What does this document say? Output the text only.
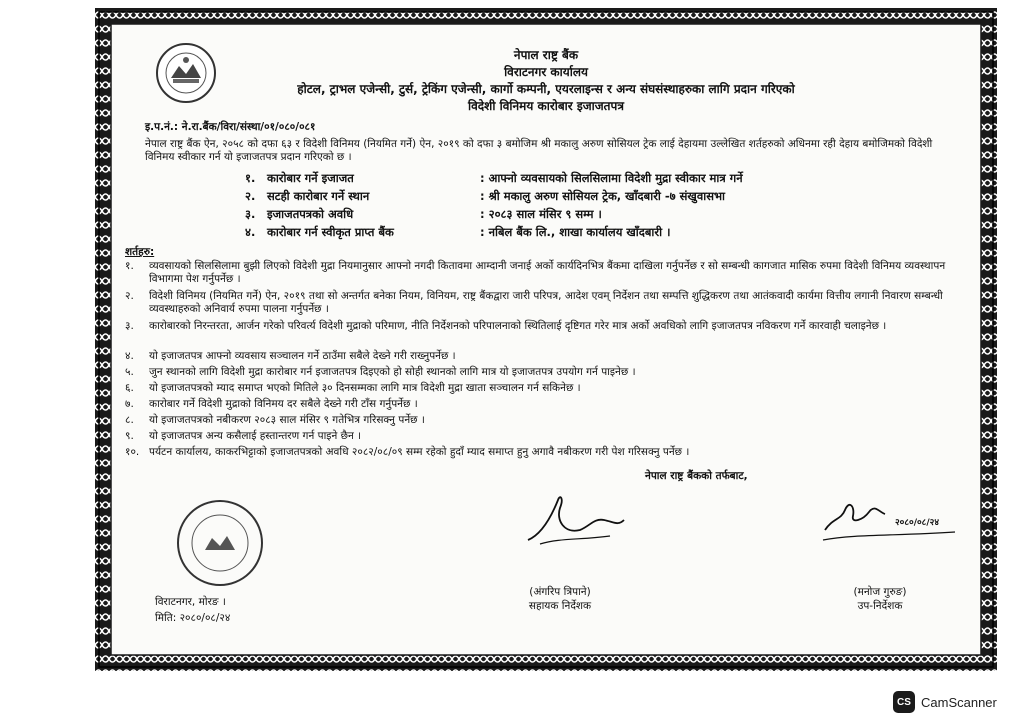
नेपाल राष्ट्र बैंक
विराटनगर कार्यालय
होटल, ट्राभल एजेन्सी, टुर्स, ट्रेकिंग एजेन्सी, कार्गो कम्पनी, एयरलाइन्स र अन्य संघसंस्थाहरुका लागि प्रदान गरिएको
विदेशी विनिमय कारोबार इजाजतपत्र
इ.प.नं.: ने.रा.बैंक/विरा/संस्था/०१/०८०/०८१
नेपाल राष्ट्र बैंक ऐन, २०५८ को दफा ६३ र विदेशी विनिमय (नियमित गर्ने) ऐन, २०१९ को दफा ३ बमोजिम श्री मकालु अरुण सोसियल ट्रेक लाई देहायमा उल्लेखित शर्तहरुको अधिनमा रही देहाय बमोजिमको विदेशी विनिमय स्वीकार गर्न यो इजाजतपत्र प्रदान गरिएको छ ।
१. कारोबार गर्ने इजाजत	: आफ्नो व्यवसायको सिलसिलामा विदेशी मुद्रा स्वीकार मात्र गर्ने
२. सटही कारोबार गर्ने स्थान	: श्री मकालु अरुण सोसियल ट्रेक, खाँदबारी -७ संखुवासभा
३. इजाजतपत्रको अवधि	: २०८३ साल मंसिर ९ सम्म ।
४. कारोबार गर्न स्वीकृत प्राप्त बैंक	: नबिल बैंक लि., शाखा कार्यालय खाँदबारी ।
शर्तहरु:
१. व्यवसायको सिलसिलामा बुझी लिएको विदेशी मुद्रा नियमानुसार आफ्नो नगदी कितावमा आम्दानी जनाई अर्को कार्यदिनभित्र बैंकमा दाखिला गर्नुपर्नेछ र सो सम्बन्धी कागजात मासिक रुपमा विदेशी विनिमय व्यवस्थापन विभागमा पेश गर्नुपर्नेछ ।
२. विदेशी विनिमय (नियमित गर्ने) ऐन, २०१९ तथा सो अन्तर्गत बनेका नियम, विनियम, राष्ट्र बैंकद्वारा जारी परिपत्र, आदेश एवम् निर्देशन तथा सम्पत्ति शुद्धिकरण तथा आतंकवादी कार्यमा वित्तीय लगानी निवारण सम्बन्धी व्यवस्थाहरुको अनिवार्य रुपमा पालना गर्नुपर्नेछ ।
३. कारोबारको निरन्तरता, आर्जन गरेको परिवर्त्य विदेशी मुद्राको परिमाण, नीति निर्देशनको परिपालनाको स्थितिलाई दृष्टिगत गरेर मात्र अर्को अवधिको लागि इजाजतपत्र नविकरण गर्ने कारवाही चलाइनेछ ।
४. यो इजाजतपत्र आफ्नो व्यवसाय सञ्चालन गर्ने ठाउँमा सबैले देख्ने गरी राख्नुपर्नेछ ।
५. जुन स्थानको लागि विदेशी मुद्रा कारोबार गर्न इजाजतपत्र दिइएको हो सोही स्थानको लागि मात्र यो इजाजतपत्र उपयोग गर्न पाइनेछ ।
६. यो इजाजतपत्रको म्याद समाप्त भएको मितिले ३० दिनसम्मका लागि मात्र विदेशी मुद्रा खाता सञ्चालन गर्न सकिनेछ ।
७. कारोबार गर्ने विदेशी मुद्राको विनिमय दर सबैले देख्ने गरी टाँस गर्नुपर्नेछ ।
८. यो इजाजतपत्रको नबीकरण २०८३ साल मंसिर ९ गतेभित्र गरिसक्नु पर्नेछ ।
९. यो इजाजतपत्र अन्य कसैलाई हस्तान्तरण गर्न पाइने छैन ।
१०. पर्यटन कार्यालय, काकरभिट्टाको इजाजतपत्रको अवधि २०८२/०८/०९ सम्म रहेको हुदाँ म्याद समाप्त हुनु अगावै नबीकरण गरी पेश गरिसक्नु पर्नेछ ।
नेपाल राष्ट्र बैंकको तर्फबाट,
२०८०/०८/२४
(अंगरिप त्रिपाने)
सहायक निर्देशक
(मनोज गुरुङ)
उप-निर्देशक
विराटनगर, मोरङ ।
मिति: २०८०/०८/२४
CS CamScanner
